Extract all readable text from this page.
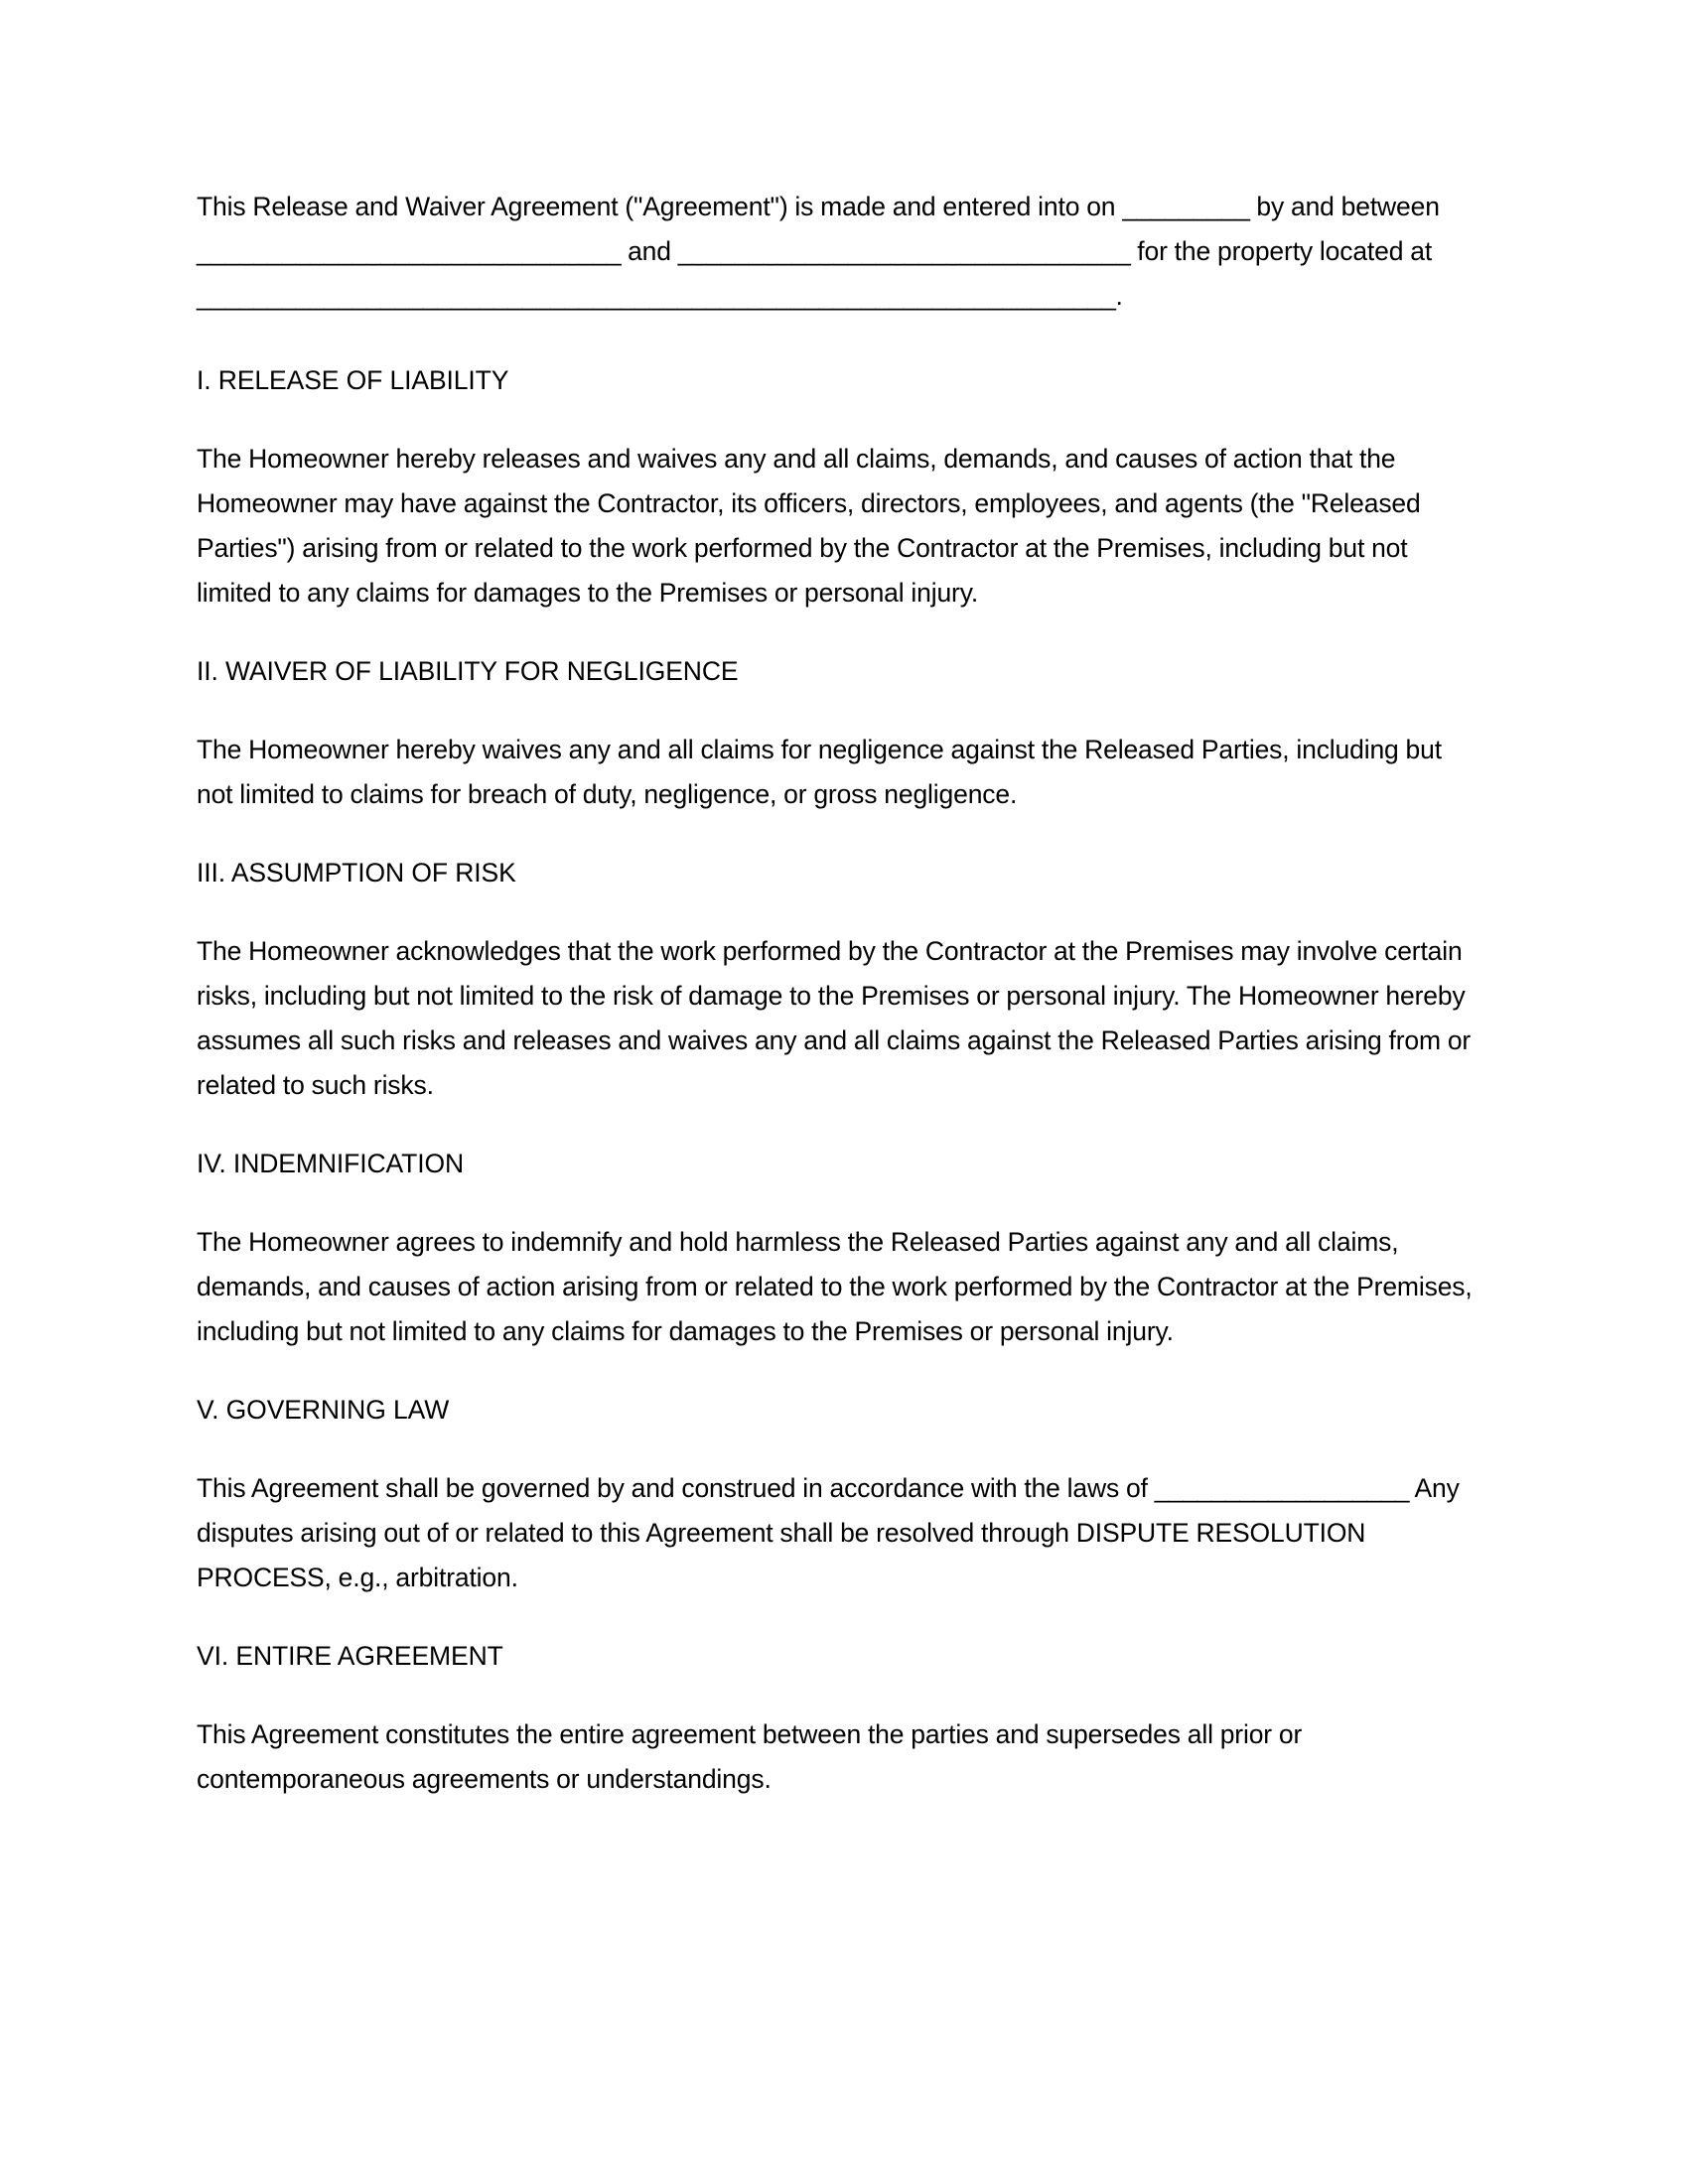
This Release and Waiver Agreement ("Agreement") is made and entered into on _________ by and between ______________________________ and ________________________________ for the property located at _________________________________________________________________.

I. RELEASE OF LIABILITY

The Homeowner hereby releases and waives any and all claims, demands, and causes of action that the Homeowner may have against the Contractor, its officers, directors, employees, and agents (the "Released Parties") arising from or related to the work performed by the Contractor at the Premises, including but not limited to any claims for damages to the Premises or personal injury.

II. WAIVER OF LIABILITY FOR NEGLIGENCE

The Homeowner hereby waives any and all claims for negligence against the Released Parties, including but not limited to claims for breach of duty, negligence, or gross negligence.

III. ASSUMPTION OF RISK

The Homeowner acknowledges that the work performed by the Contractor at the Premises may involve certain risks, including but not limited to the risk of damage to the Premises or personal injury. The Homeowner hereby assumes all such risks and releases and waives any and all claims against the Released Parties arising from or related to such risks.

IV. INDEMNIFICATION

The Homeowner agrees to indemnify and hold harmless the Released Parties against any and all claims, demands, and causes of action arising from or related to the work performed by the Contractor at the Premises, including but not limited to any claims for damages to the Premises or personal injury.

V. GOVERNING LAW

This Agreement shall be governed by and construed in accordance with the laws of __________________ Any disputes arising out of or related to this Agreement shall be resolved through DISPUTE RESOLUTION PROCESS, e.g., arbitration.

VI. ENTIRE AGREEMENT

This Agreement constitutes the entire agreement between the parties and supersedes all prior or contemporaneous agreements or understandings.
